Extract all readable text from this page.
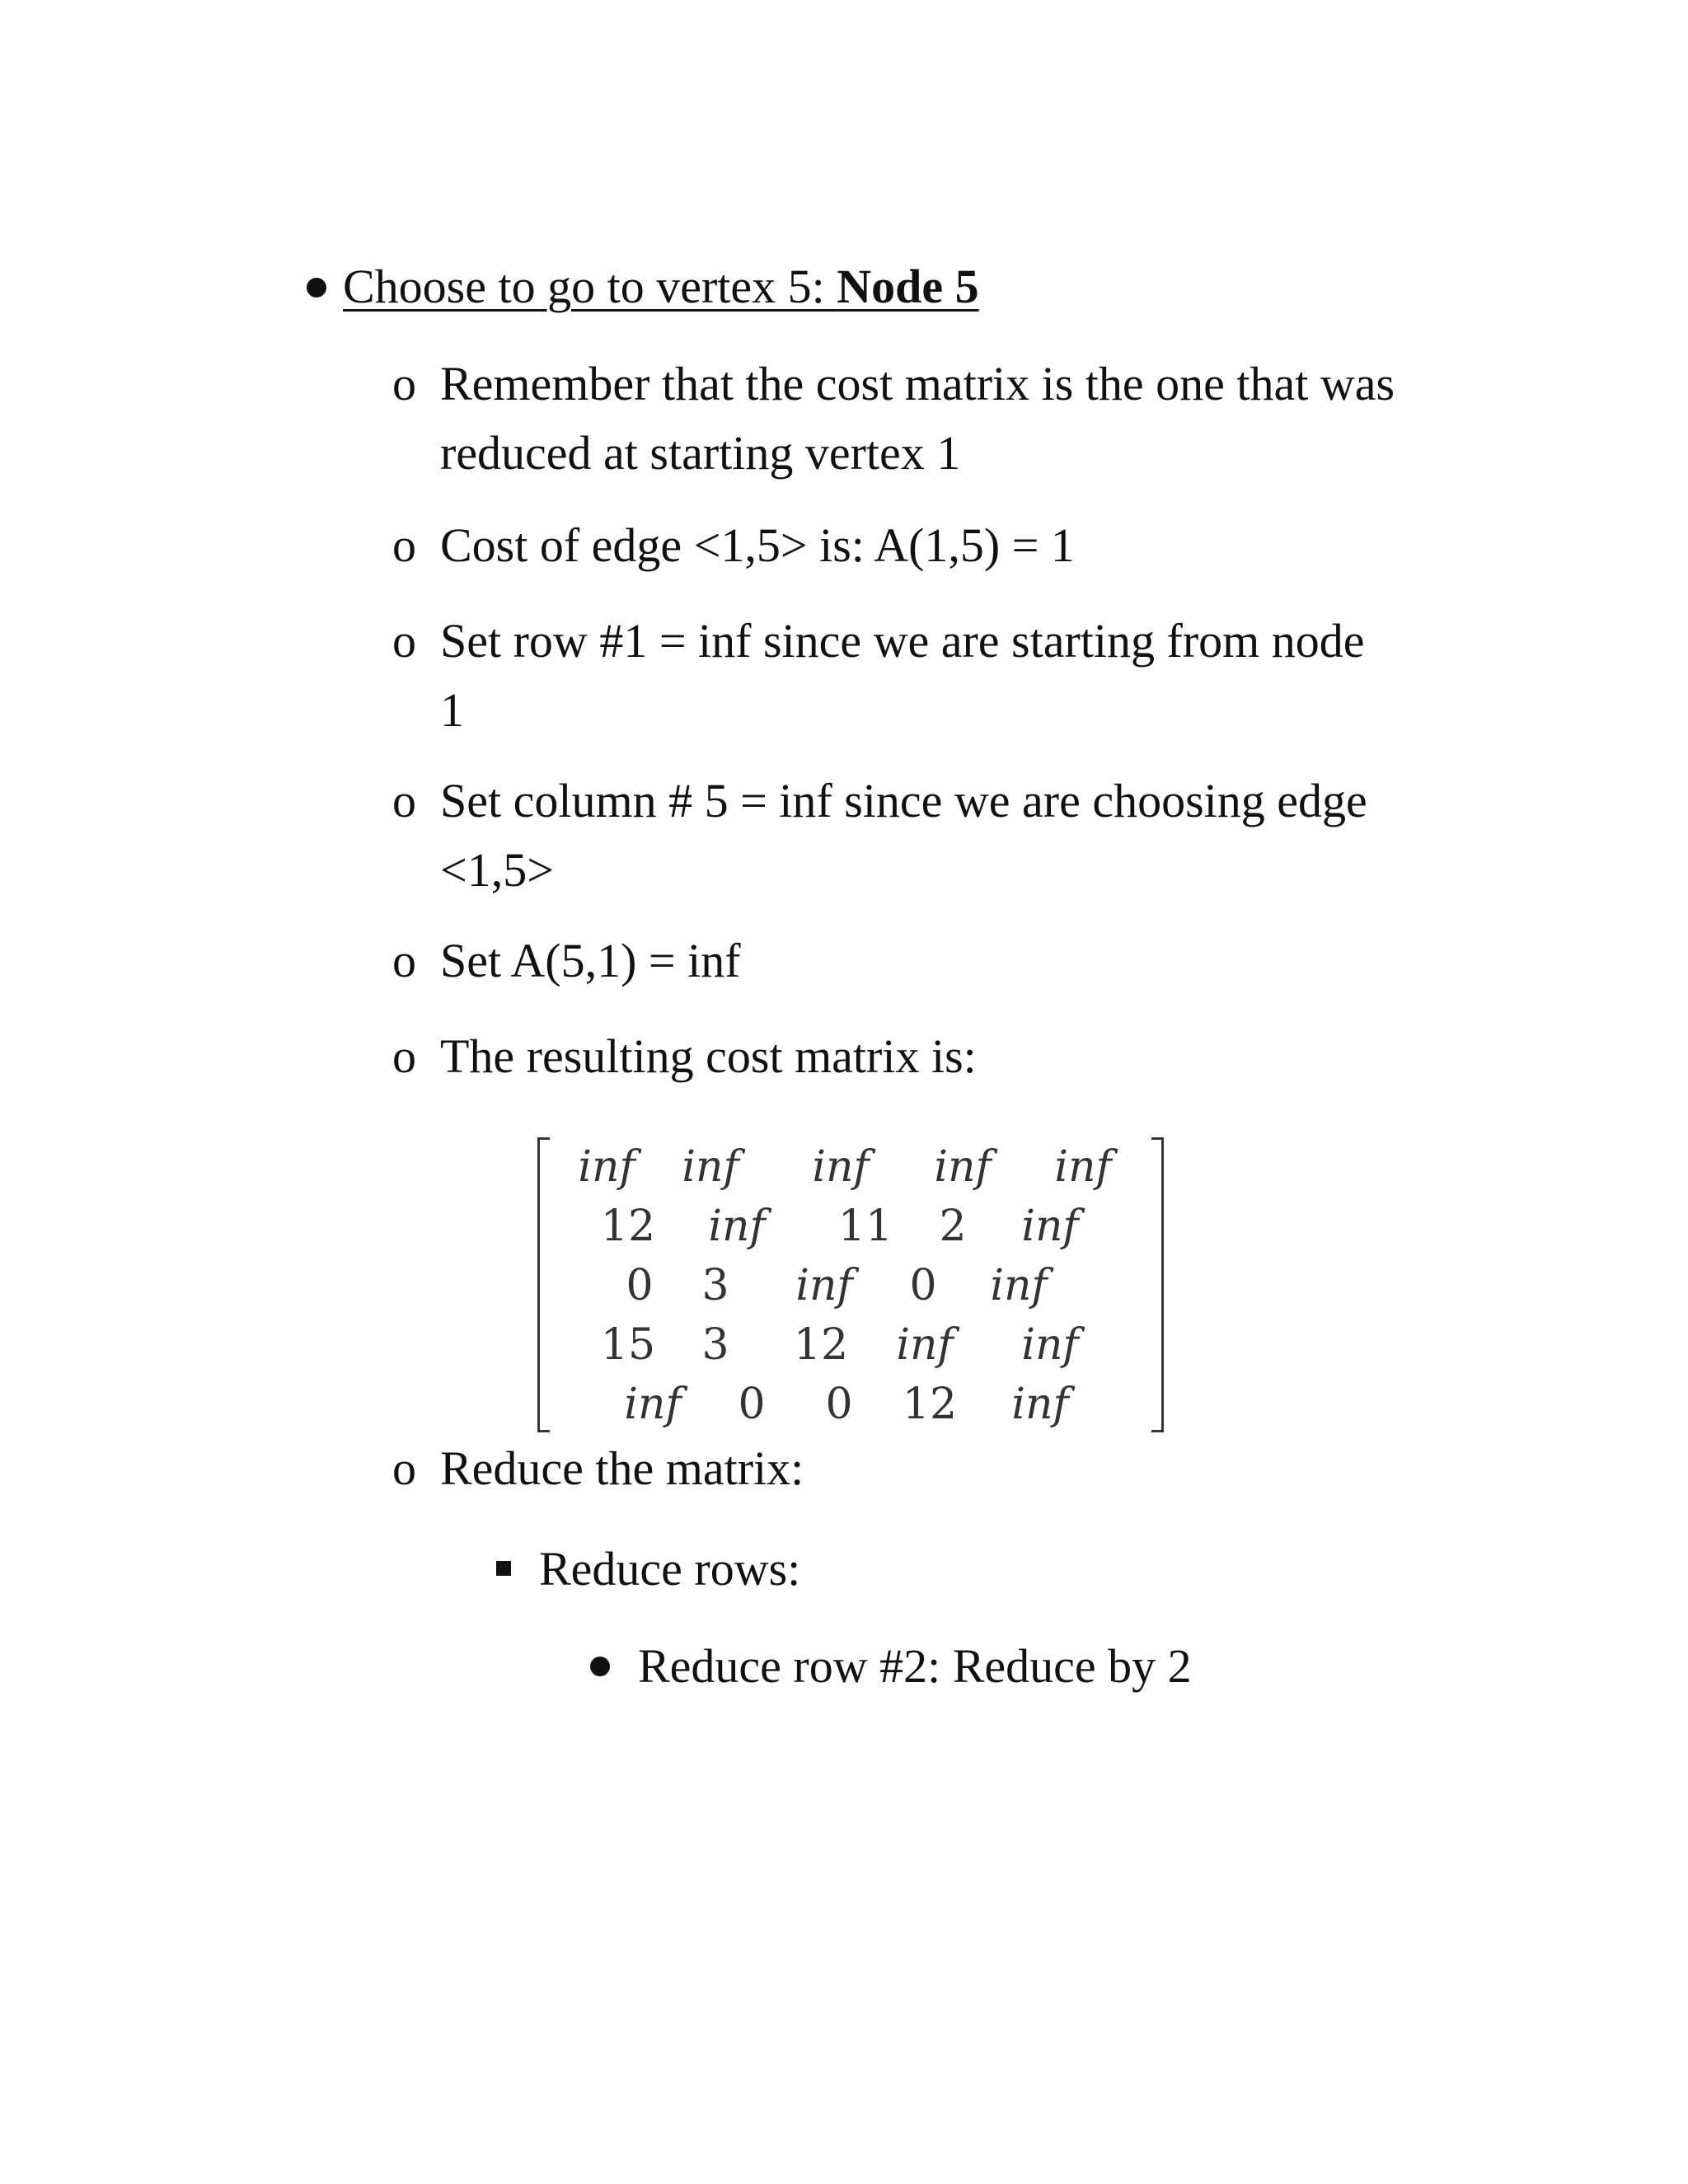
Choose to go to vertex 5: Node 5
o Remember that the cost matrix is the one that was
reduced at starting vertex 1
o Cost of edge <1,5> is: A(1,5) = 1
o Set row #1 = inf since we are starting from node
1
o Set column # 5 = inf since we are choosing edge
<1,5>
o Set A(5,1) = inf
o The resulting cost matrix is:
inf inf inf inf inf
12 inf 11 2 inf
0 3 inf 0 inf
15 3 12 inf inf
inf 0 0 12 inf
o Reduce the matrix:
Reduce rows:
Reduce row #2: Reduce by 2
